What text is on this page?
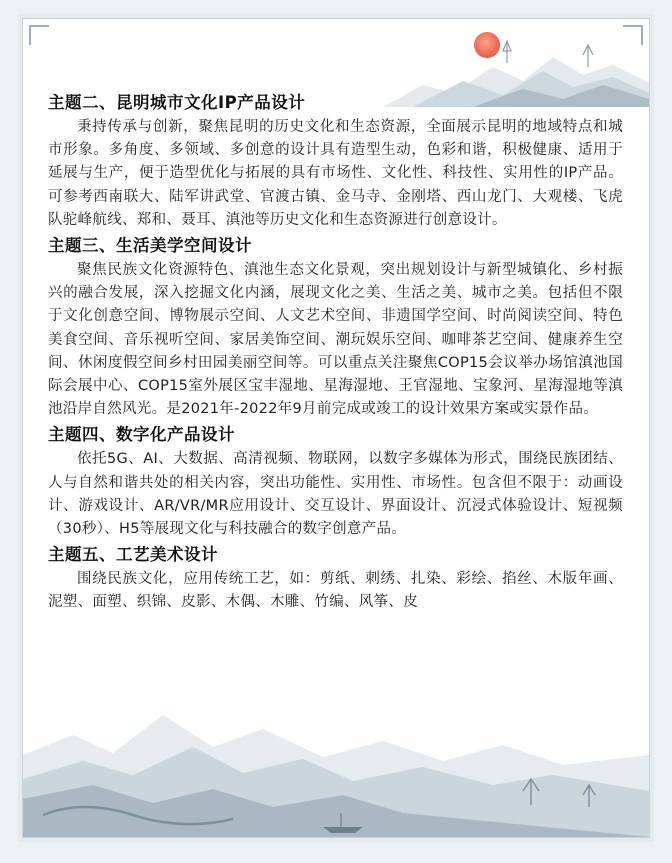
主题二、昆明城市文化IP产品设计

秉持传承与创新，聚焦昆明的历史文化和生态资源，全面展示昆明的地域特点和城市形象。多角度、多领域、多创意的设计具有造型生动，色彩和谐，积极健康、适用于延展与生产，便于造型优化与拓展的具有市场性、文化性、科技性、实用性的IP产品。可参考西南联大、陆军讲武堂、官渡古镇、金马寺、金刚塔、西山龙门、大观楼、飞虎队驼峰航线、郑和、聂耳、滇池等历史文化和生态资源进行创意设计。

主题三、生活美学空间设计

聚焦民族文化资源特色、滇池生态文化景观，突出规划设计与新型城镇化、乡村振兴的融合发展，深入挖掘文化内涵，展现文化之美、生活之美、城市之美。包括但不限于文化创意空间、博物展示空间、人文艺术空间、非遗国学空间、时尚阅读空间、特色美食空间、音乐视听空间、家居美饰空间、潮玩娱乐空间、咖啡茶艺空间、健康养生空间、休闲度假空间乡村田园美丽空间等。可以重点关注聚焦COP15会议举办场馆滇池国际会展中心、COP15室外展区宝丰湿地、星海湿地、王官湿地、宝象河、星海湿地等滇池沿岸自然风光。是2021年-2022年9月前完成或竣工的设计效果方案或实景作品。

主题四、数字化产品设计

依托5G、AI、大数据、高清视频、物联网，以数字多媒体为形式，围绕民族团结、人与自然和谐共处的相关内容，突出功能性、实用性、市场性。包含但不限于：动画设计、游戏设计、AR/VR/MR应用设计、交互设计、界面设计、沉浸式体验设计、短视频（30秒）、H5等展现文化与科技融合的数字创意产品。

主题五、工艺美术设计

围绕民族文化，应用传统工艺，如：剪纸、刺绣、扎染、彩绘、掐丝、木版年画、泥塑、面塑、织锦、皮影、木偶、木雕、竹编、风筝、皮
